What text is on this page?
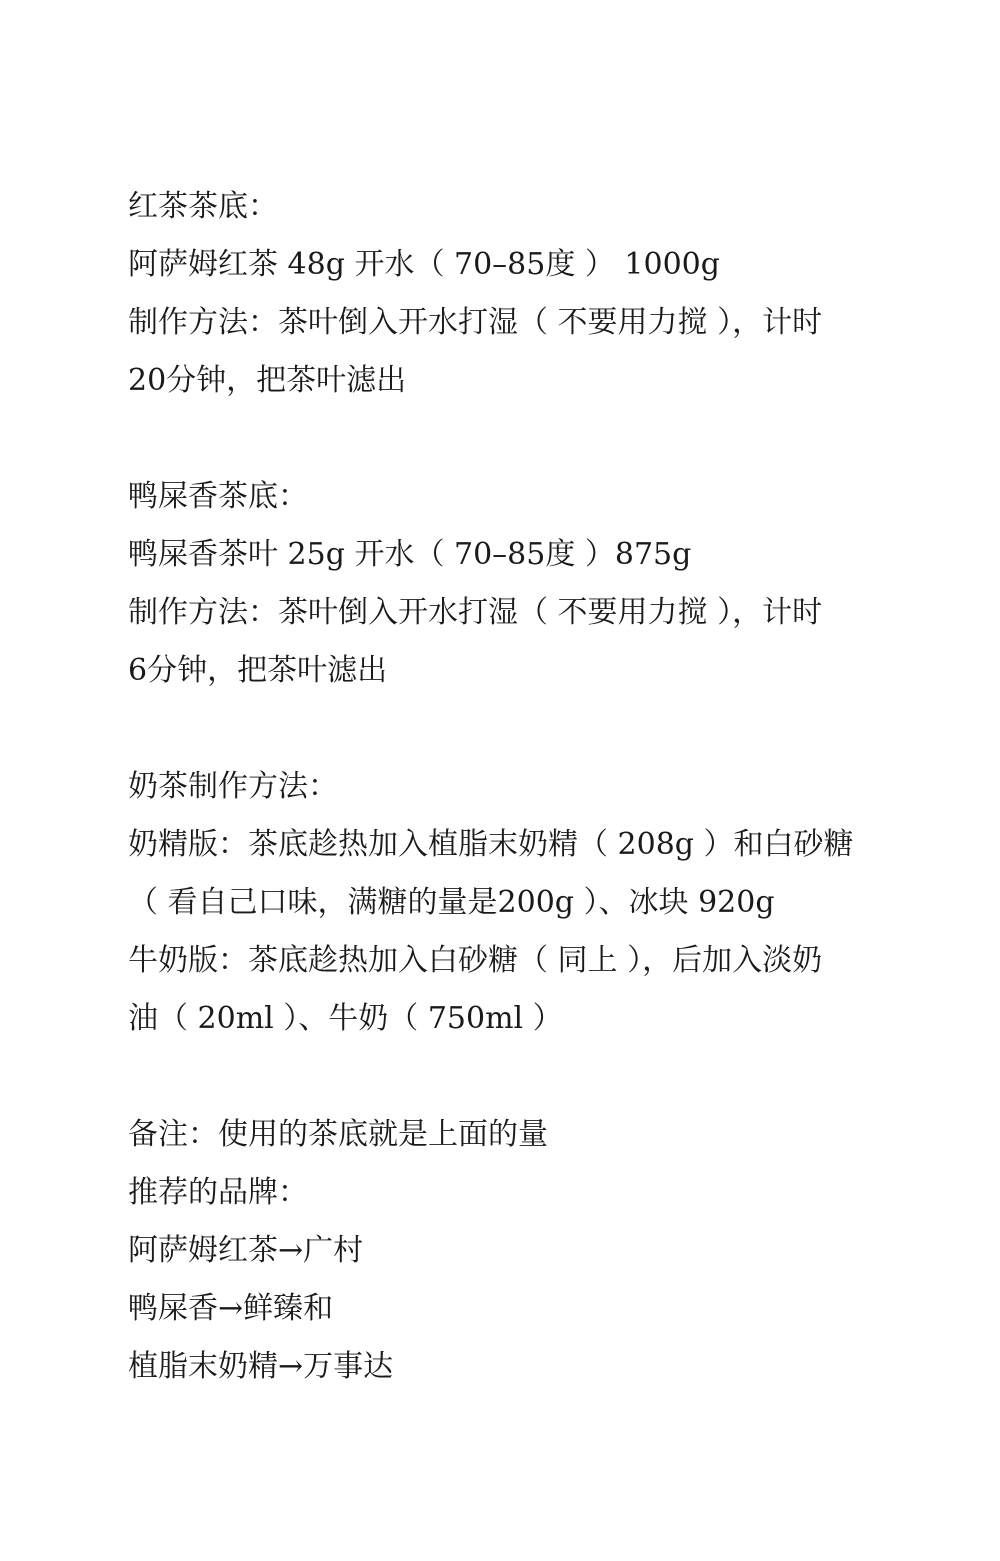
红茶茶底：
阿萨姆红茶 48g 开水（ 70–85度 ） 1000g
制作方法：茶叶倒入开水打湿（ 不要用力搅 ），计时
20分钟，把茶叶滤出
鸭屎香茶底：
鸭屎香茶叶 25g 开水（ 70–85度 ）875g
制作方法：茶叶倒入开水打湿（ 不要用力搅 ），计时
6分钟，把茶叶滤出
奶茶制作方法：
奶精版：茶底趁热加入植脂末奶精（ 208g ）和白砂糖
（ 看自己口味，满糖的量是200g ）、冰块 920g
牛奶版：茶底趁热加入白砂糖（ 同上 ），后加入淡奶
油（ 20ml ）、牛奶（ 750ml ）
备注：使用的茶底就是上面的量
推荐的品牌：
阿萨姆红茶→广村
鸭屎香→鲜臻和
植脂末奶精→万事达
